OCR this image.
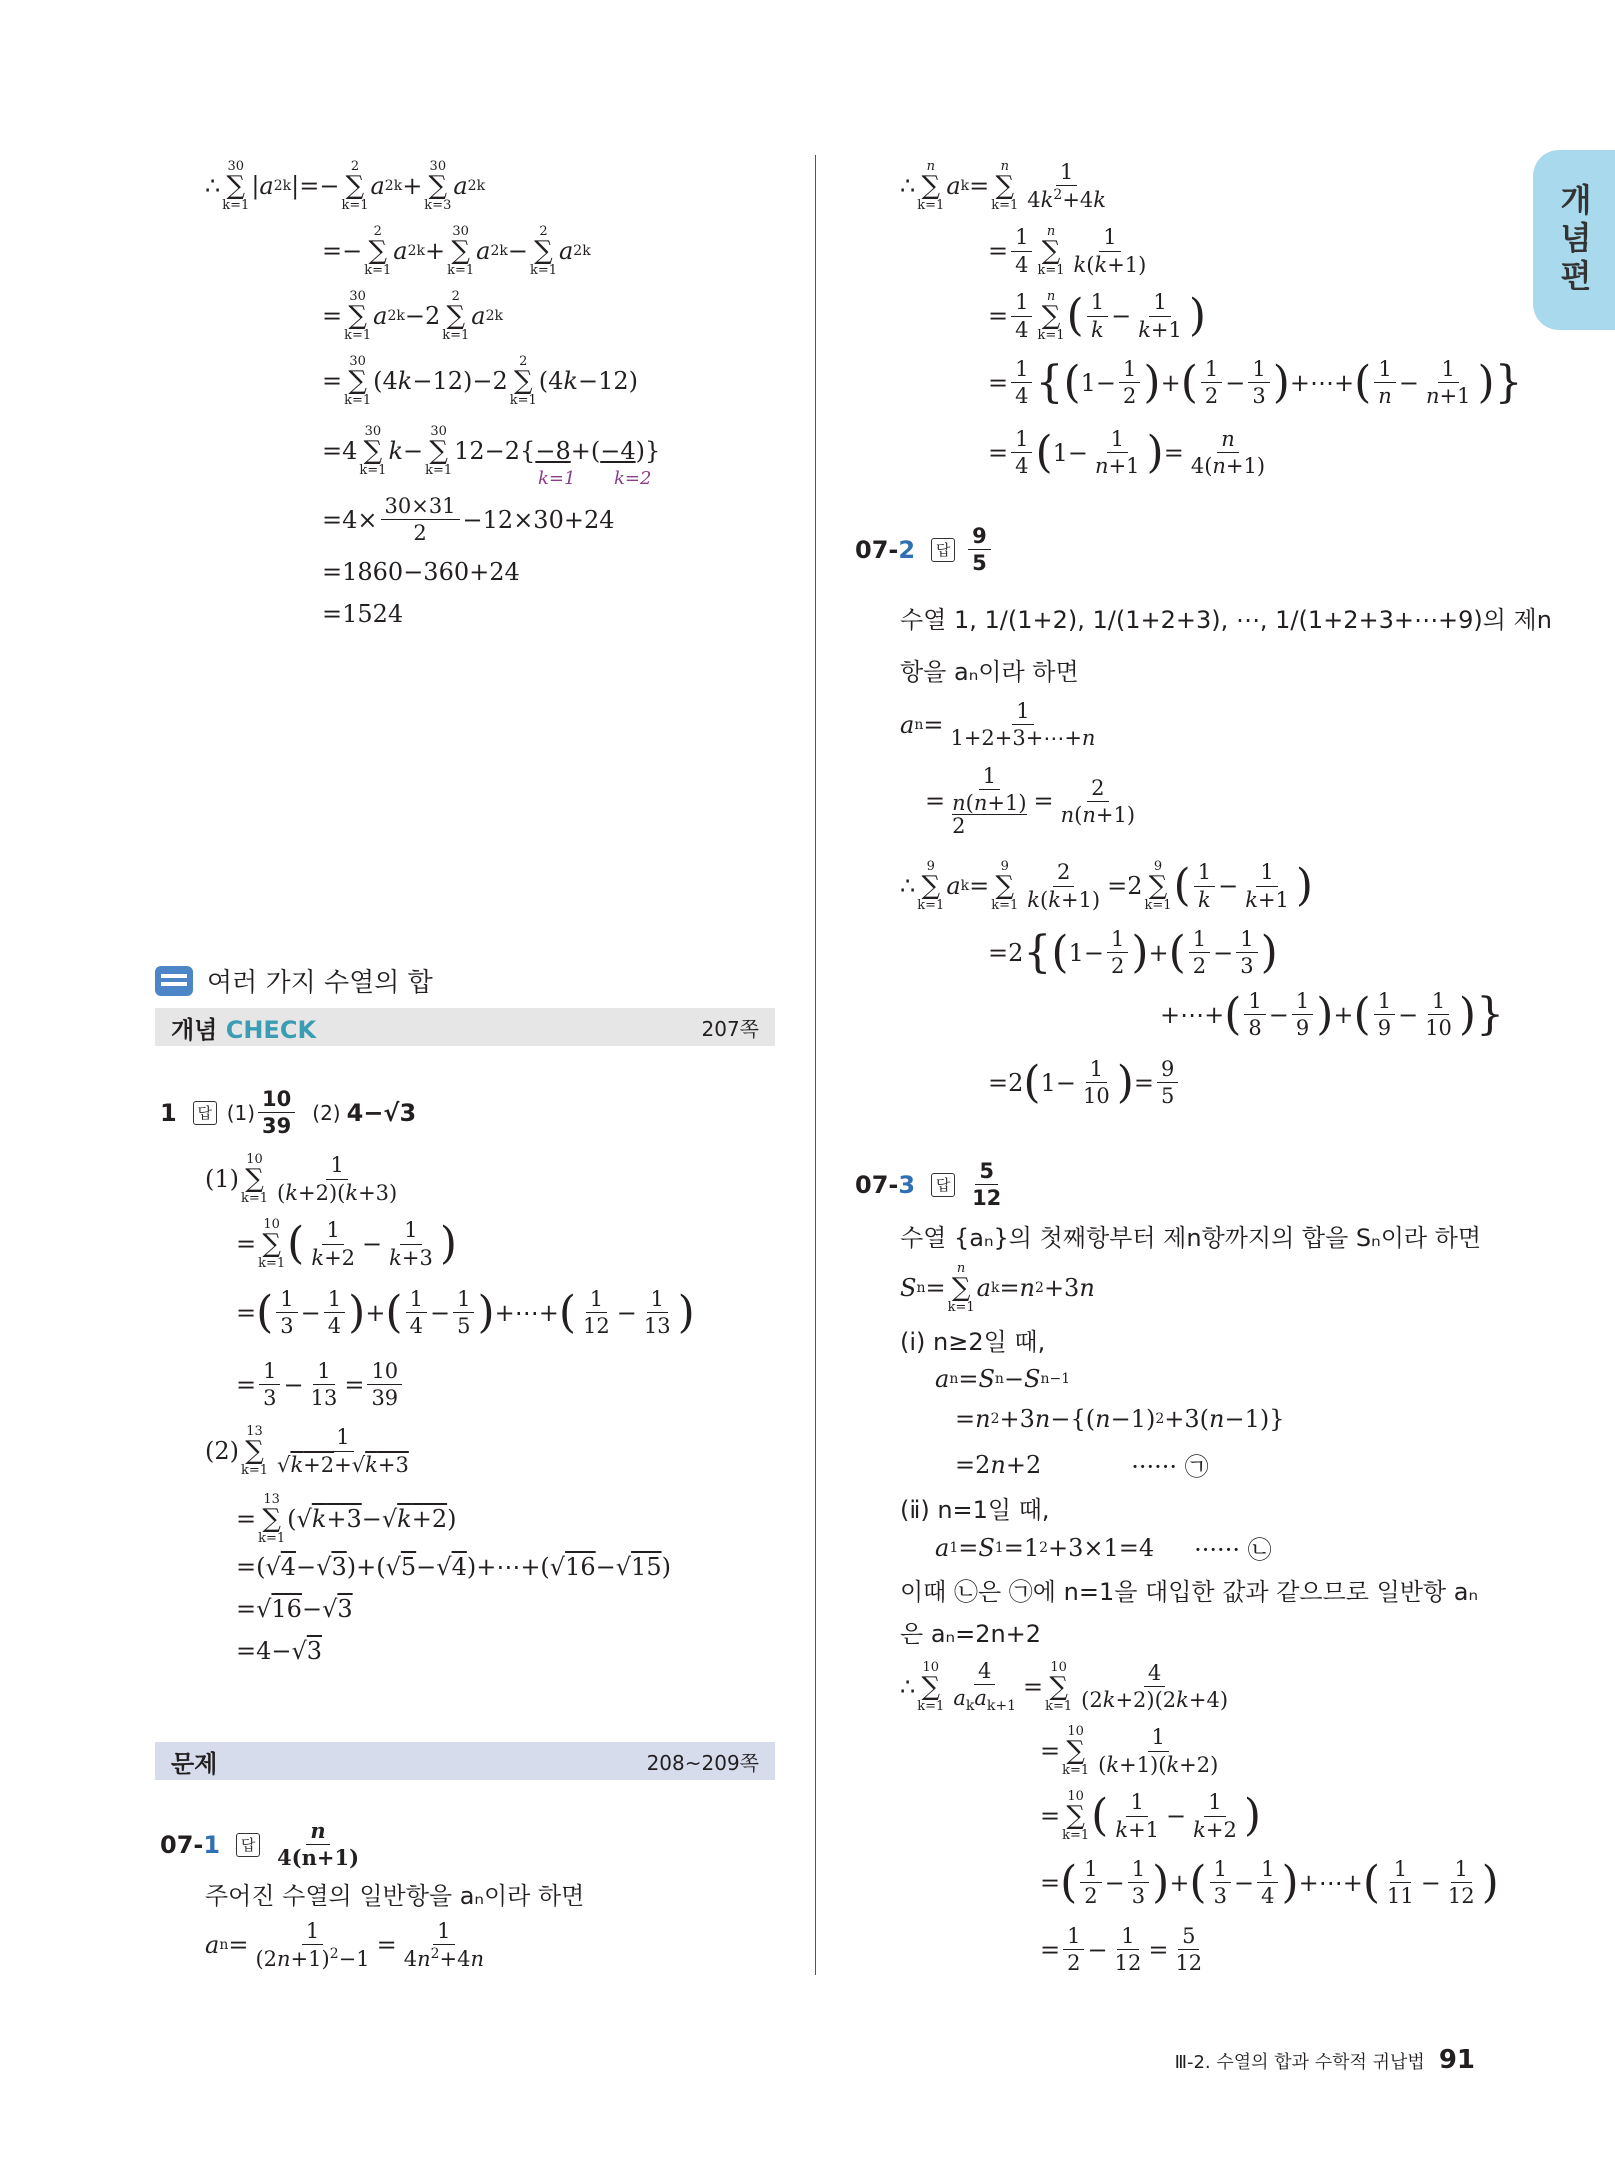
개념편
∴
30
∑
k=1
| a 2k |=−
2
∑
k=1
a 2k +
30
∑
k=3
a 2k
=−
2
∑
k=1
a 2k +
30
∑
k=1
a 2k −
2
∑
k=1
a 2k
=
30
∑
k=1
a 2k −2
2
∑
k=1
a 2k
=
30
∑
k=1
(4 k −12)−2
2
∑
k=1
(4 k −12)
=4
30
∑
k=1
k −
30
∑
k=1
12−2{ −8 +( −4 )}
k=1 k=2
$=4\times \frac{30\times 31}{2} -12\times 30+24$
=1860−360+24
=1524
여러 가지 수열의 합
개념 CHECK	207쪽
1	답 $(1) \frac{10}{39} (2)$ 4−√3
(1)
10
∑
$k=1 \frac{1}{(k+2)(k+3)}$
=
10
∑
k=1 ( $\frac{1}{k+2} - \frac{1}{k+3}$ )
= ( $\frac{1}{3} - \frac{1}{4}$ ) + ( $\frac{1}{4} - \frac{1}{5}$ ) +⋯+ ( $\frac{1}{12} - \frac{1}{13}$ )
= $\frac{1}{3} - \frac{1}{13} = \frac{10}{39}$
(2)
13
∑
$k=1 \frac{1}{√k+2+√k+3}$
=
13
∑
k=1
(√ k+3 −√ k+2 )
=(√ 4 −√ 3 )+(√ 5 −√ 4 )+⋯+(√ 16 −√ 15 )
=√ 16 −√ 3
=4−√ 3
문제	208~209쪽
07-1	답 $\frac{n}{4(n+1)}$
주어진 수열의 일반항을 aₙ이라 하면
a $n = \frac{1}{(2n+1)^2-1} = \frac{1}{4n^2+4n}$
∴
n
∑
k=1
a k =
n
∑
$k=1 \frac{1}{4k^2+4k}$
= $\frac{1}{4}$ n
∑
$k=1 \frac{1}{k(k+1)}$
= $\frac{1}{4}$ n
∑
k=1 ( $\frac{1}{k} - \frac{1}{k+1}$ )
= $\frac{1}{4}$ {( $1- \frac{1}{2}$ ) + ( $\frac{1}{2} - \frac{1}{3}$ ) +⋯+ ( $\frac{1}{n} - \frac{1}{n+1}$ )}
= $\frac{1}{4}$ ( $1- \frac{1}{n+1}$ ) = $\frac{n}{4(n+1)}$
07-2	답 $\frac{9}{5}$
수열 1, 1/(1+2), 1/(1+2+3), ⋯, 1/(1+2+3+⋯+9)의 제n
항을 aₙ이라 하면
a $n = \frac{1}{1+2+3+\cdots+n}$
=
1
n(n+1)
2
= $\frac{2}{n(n+1)}$
∴
9
∑
k=1
a k =
9
∑
$k=1 \frac{2}{k(k+1)} =2$
9
∑
k=1 ( $\frac{1}{k} - \frac{1}{k+1}$ )
=2 {( $1- \frac{1}{2}$ ) + ( $\frac{1}{2} - \frac{1}{3}$ )
+⋯+ ( $\frac{1}{8} - \frac{1}{9}$ ) + ( $\frac{1}{9} - \frac{1}{10}$ )}
=2 ( $1- \frac{1}{10}$ ) = $\frac{9}{5}$
07-3	답 $\frac{5}{12}$
수열 {aₙ}의 첫째항부터 제n항까지의 합을 Sₙ이라 하면
S n =
n
∑
k=1
a k = n 2 +3 n
(ⅰ) n≥2일 때,
a n = S n − S n−1
= n 2 +3 n −{( n −1) 2 +3( n −1)}
=2 n +2	······ ㉠
(ⅱ) n=1일 때,
a 1 = S 1 =1 2 +3×1=4 ······ ㉡
이때 ㉡은 ㉠에 n=1을 대입한 값과 같으므로 일반항 aₙ
은 aₙ=2n+2
∴
10
∑
$k=1 \frac{4}{a_ka_{k+1}}$ =
10
∑
$k=1 \frac{4}{(2k+2)(2k+4)}$
=
10
∑
$k=1 \frac{1}{(k+1)(k+2)}$
=
10
∑
k=1 ( $\frac{1}{k+1} - \frac{1}{k+2}$ )
= ( $\frac{1}{2} - \frac{1}{3}$ ) + ( $\frac{1}{3} - \frac{1}{4}$ ) +⋯+ ( $\frac{1}{11} - \frac{1}{12}$ )
= $\frac{1}{2} - \frac{1}{12} = \frac{5}{12}$
Ⅲ-2. 수열의 합과 수학적 귀납법 91
